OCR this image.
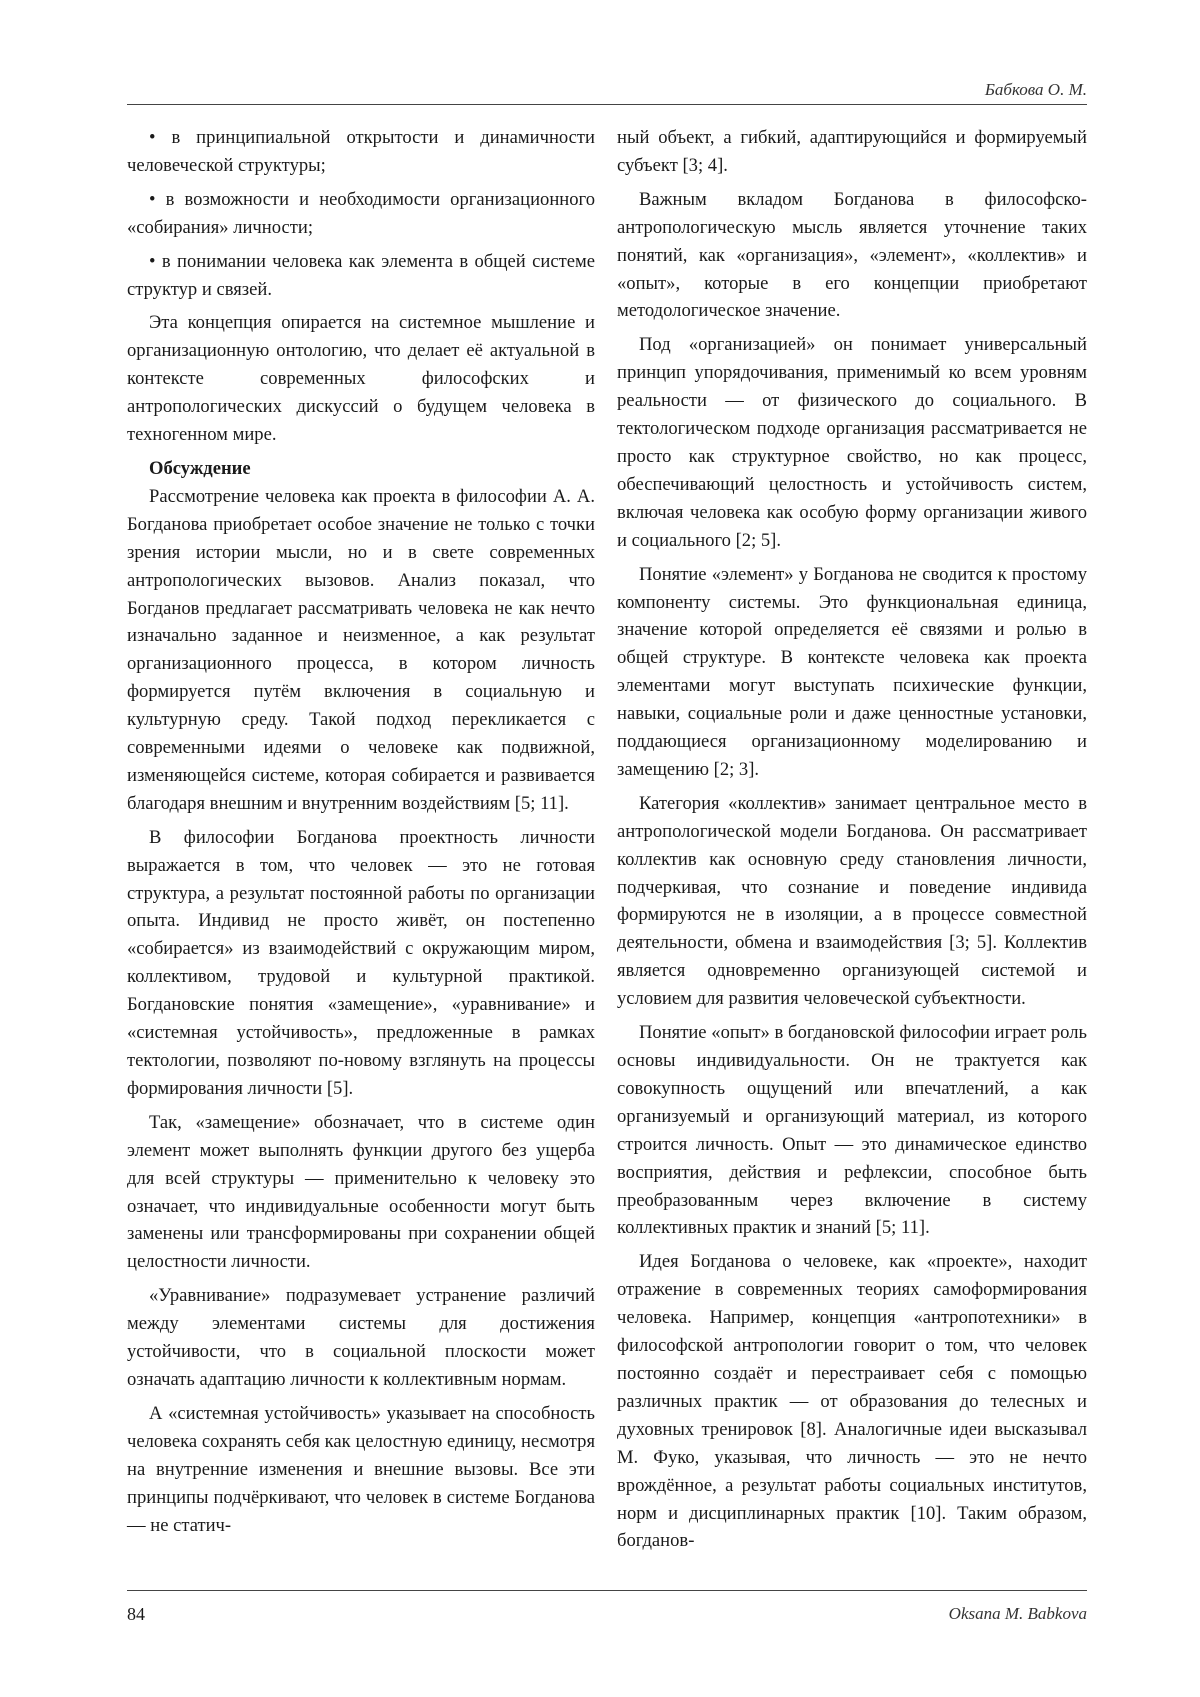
Бабкова О. М.

• в принципиальной открытости и динамичности человеческой структуры;

• в возможности и необходимости организационного «собирания» личности;

• в понимании человека как элемента в общей системе структур и связей.

Эта концепция опирается на системное мышление и организационную онтологию, что делает её актуальной в контексте современных философских и антропологических дискуссий о будущем человека в техногенном мире.

Обсуждение

Рассмотрение человека как проекта в философии А. А. Богданова приобретает особое значение не только с точки зрения истории мысли, но и в свете современных антропологических вызовов. Анализ показал, что Богданов предлагает рассматривать человека не как нечто изначально заданное и неизменное, а как результат организационного процесса, в котором личность формируется путём включения в социальную и культурную среду. Такой подход перекликается с современными идеями о человеке как подвижной, изменяющейся системе, которая собирается и развивается благодаря внешним и внутренним воздействиям [5; 11].

В философии Богданова проектность личности выражается в том, что человек — это не готовая структура, а результат постоянной работы по организации опыта. Индивид не просто живёт, он постепенно «собирается» из взаимодействий с окружающим миром, коллективом, трудовой и культурной практикой. Богдановские понятия «замещение», «уравнивание» и «системная устойчивость», предложенные в рамках тектологии, позволяют по-новому взглянуть на процессы формирования личности [5].

Так, «замещение» обозначает, что в системе один элемент может выполнять функции другого без ущерба для всей структуры — применительно к человеку это означает, что индивидуальные особенности могут быть заменены или трансформированы при сохранении общей целостности личности.

«Уравнивание» подразумевает устранение различий между элементами системы для достижения устойчивости, что в социальной плоскости может означать адаптацию личности к коллективным нормам.

А «системная устойчивость» указывает на способность человека сохранять себя как целостную единицу, несмотря на внутренние изменения и внешние вызовы. Все эти принципы подчёркивают, что человек в системе Богданова — не статич-

ный объект, а гибкий, адаптирующийся и формируемый субъект [3; 4].

Важным вкладом Богданова в философско-антропологическую мысль является уточнение таких понятий, как «организация», «элемент», «коллектив» и «опыт», которые в его концепции приобретают методологическое значение.

Под «организацией» он понимает универсальный принцип упорядочивания, применимый ко всем уровням реальности — от физического до социального. В тектологическом подходе организация рассматривается не просто как структурное свойство, но как процесс, обеспечивающий целостность и устойчивость систем, включая человека как особую форму организации живого и социального [2; 5].

Понятие «элемент» у Богданова не сводится к простому компоненту системы. Это функциональная единица, значение которой определяется её связями и ролью в общей структуре. В контексте человека как проекта элементами могут выступать психические функции, навыки, социальные роли и даже ценностные установки, поддающиеся организационному моделированию и замещению [2; 3].

Категория «коллектив» занимает центральное место в антропологической модели Богданова. Он рассматривает коллектив как основную среду становления личности, подчеркивая, что сознание и поведение индивида формируются не в изоляции, а в процессе совместной деятельности, обмена и взаимодействия [3; 5]. Коллектив является одновременно организующей системой и условием для развития человеческой субъектности.

Понятие «опыт» в богдановской философии играет роль основы индивидуальности. Он не трактуется как совокупность ощущений или впечатлений, а как организуемый и организующий материал, из которого строится личность. Опыт — это динамическое единство восприятия, действия и рефлексии, способное быть преобразованным через включение в систему коллективных практик и знаний [5; 11].

Идея Богданова о человеке, как «проекте», находит отражение в современных теориях самоформирования человека. Например, концепция «антропотехники» в философской антропологии говорит о том, что человек постоянно создаёт и перестраивает себя с помощью различных практик — от образования до телесных и духовных тренировок [8]. Аналогичные идеи высказывал М. Фуко, указывая, что личность — это не нечто врождённое, а результат работы социальных институтов, норм и дисциплинарных практик [10]. Таким образом, богданов-

84	Oksana M. Babkova
